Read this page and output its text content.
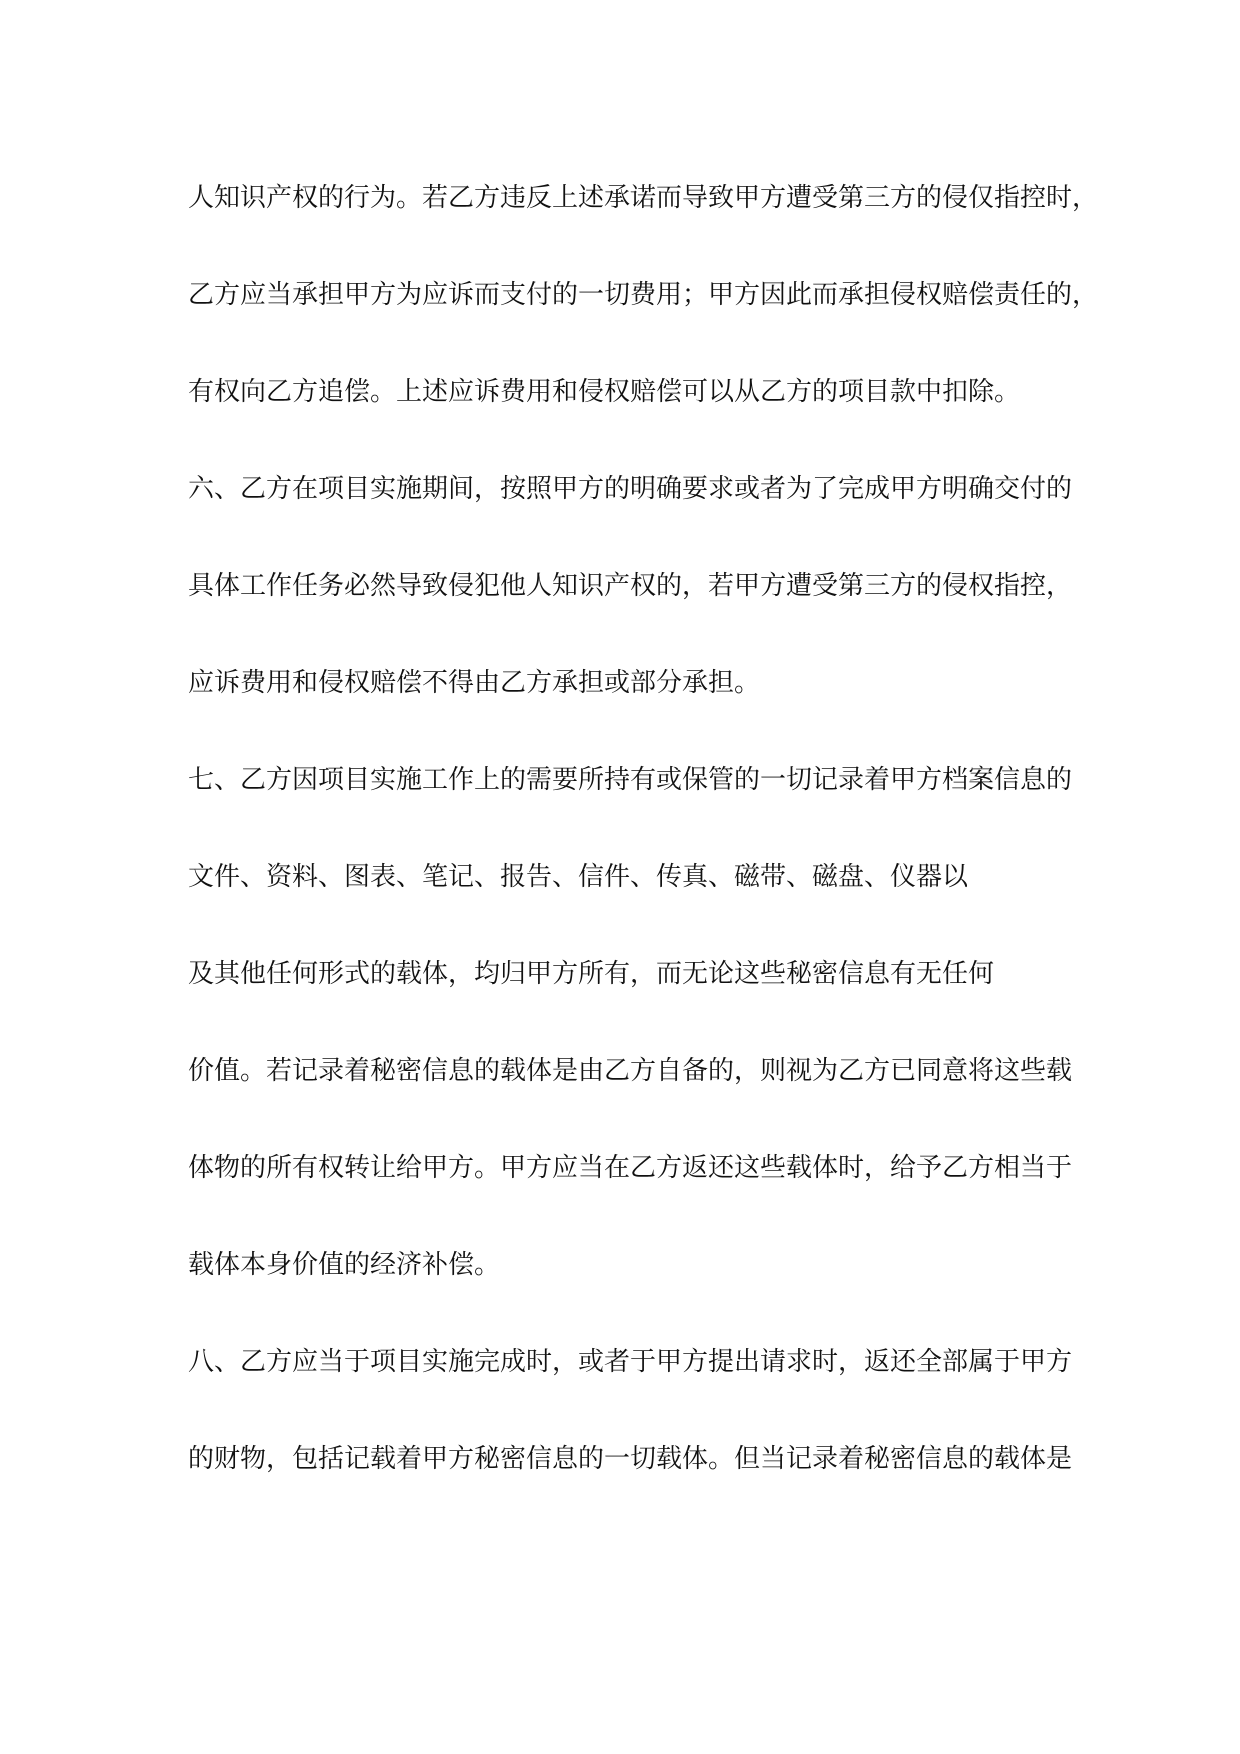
人知识产权的行为。若乙方违反上述承诺而导致甲方遭受第三方的侵仅指控时，
乙方应当承担甲方为应诉而支付的一切费用；甲方因此而承担侵权赔偿责任的，
有权向乙方追偿。上述应诉费用和侵权赔偿可以从乙方的项目款中扣除。
六、乙方在项目实施期间，按照甲方的明确要求或者为了完成甲方明确交付的
具体工作任务必然导致侵犯他人知识产权的，若甲方遭受第三方的侵权指控，
应诉费用和侵权赔偿不得由乙方承担或部分承担。
七、乙方因项目实施工作上的需要所持有或保管的一切记录着甲方档案信息的
文件、资料、图表、笔记、报告、信件、传真、磁带、磁盘、仪器以
及其他任何形式的载体，均归甲方所有，而无论这些秘密信息有无任何
价值。若记录着秘密信息的载体是由乙方自备的，则视为乙方已同意将这些载
体物的所有权转让给甲方。甲方应当在乙方返还这些载体时，给予乙方相当于
载体本身价值的经济补偿。
八、乙方应当于项目实施完成时，或者于甲方提出请求时，返还全部属于甲方
的财物，包括记载着甲方秘密信息的一切载体。但当记录着秘密信息的载体是
